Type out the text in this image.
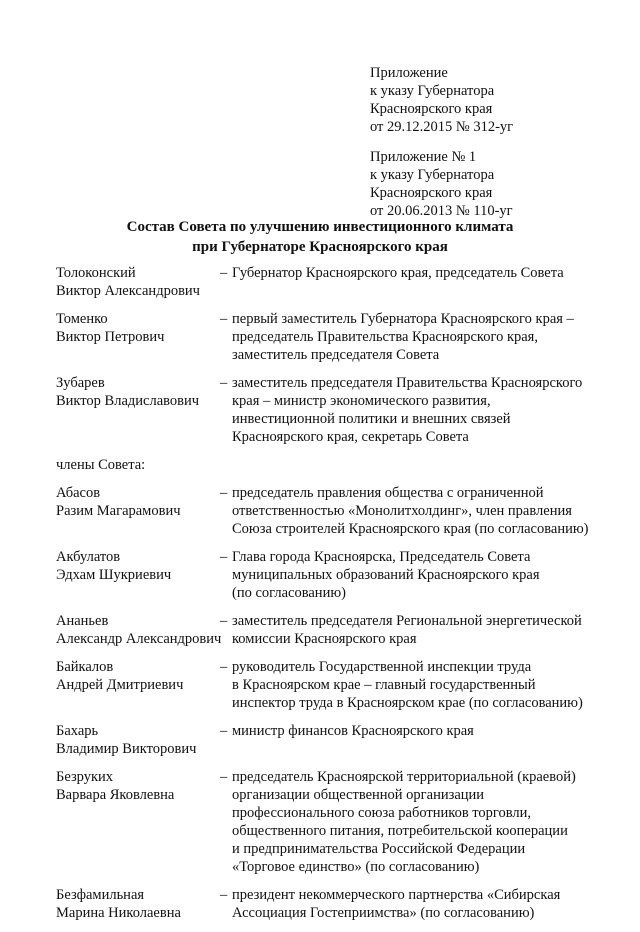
Приложение

к указу Губернатора

Красноярского края

от 29.12.2015 № 312-уг

Приложение № 1

к указу Губернатора

Красноярского края

от 20.06.2013 № 110-уг

Состав Совета по улучшению инвестиционного климата

при Губернаторе Красноярского края

Толоконский

Виктор Александрович

– Губернатор Красноярского края, председатель Совета

Томенко

Виктор Петрович

– первый заместитель Губернатора Красноярского края –

председатель Правительства Красноярского края,

заместитель председателя Совета

Зубарев

Виктор Владиславович

– заместитель председателя Правительства Красноярского

края – министр экономического развития,

инвестиционной политики и внешних связей

Красноярского края, секретарь Совета

члены Совета:

Абасов

Разим Магарамович

– председатель правления общества с ограниченной

ответственностью «Монолитхолдинг», член правления

Союза строителей Красноярского края (по согласованию)

Акбулатов

Эдхам Шукриевич

– Глава города Красноярска, Председатель Совета

муниципальных образований Красноярского края

(по согласованию)

Ананьев

Александр Александрович

– заместитель председателя Региональной энергетической

комиссии Красноярского края

Байкалов

Андрей Дмитриевич

– руководитель Государственной инспекции труда

в Красноярском крае – главный государственный

инспектор труда в Красноярском крае (по согласованию)

Бахарь

Владимир Викторович

– министр финансов Красноярского края

Безруких

Варвара Яковлевна

– председатель Красноярской территориальной (краевой)

организации общественной организации

профессионального союза работников торговли,

общественного питания, потребительской кооперации

и предпринимательства Российской Федерации

«Торговое единство» (по согласованию)

Безфамильная

Марина Николаевна

– президент некоммерческого партнерства «Сибирская

Ассоциация Гостеприимства» (по согласованию)
